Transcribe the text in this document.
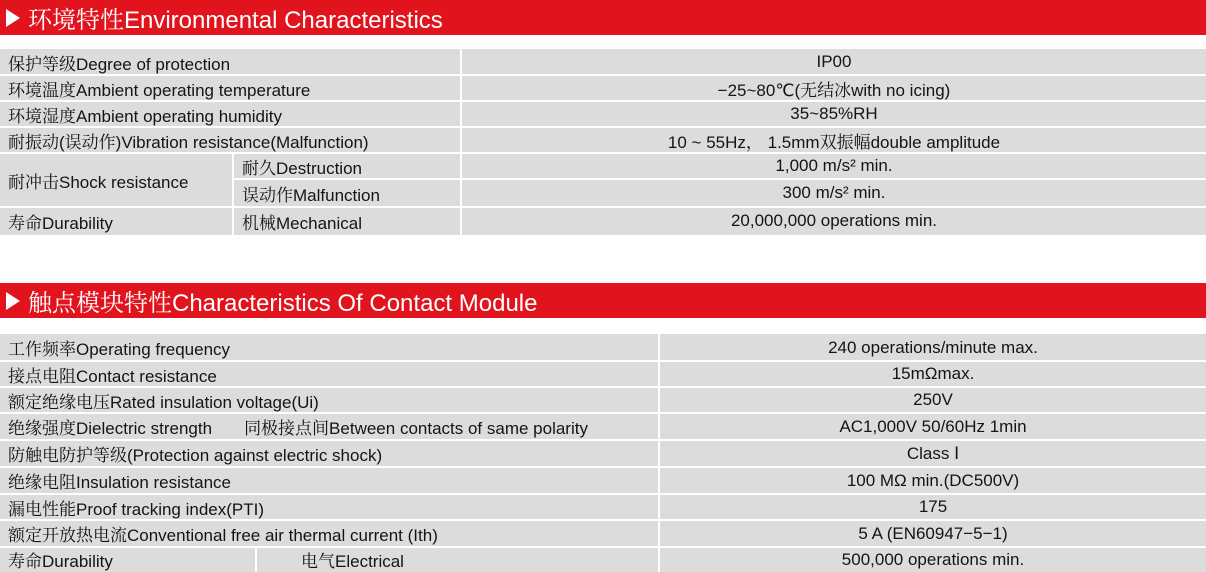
环境特性Environmental Characteristics
保护等级Degree of protection	IP00
环境温度Ambient operating temperature	−25~80℃(无结冰with no icing)
环境湿度Ambient operating humidity	35~85%RH
耐振动(误动作)Vibration resistance(Malfunction)	10 ~ 55Hz， 1.5mm双振幅double amplitude
耐冲击Shock resistance
耐久Destruction	1,000 m/s² min.
误动作Malfunction	300 m/s² min.
寿命Durability	机械Mechanical	20,000,000 operations min.
触点模块特性Characteristics Of Contact Module
工作频率Operating frequency	240 operations/minute max.
接点电阻Contact resistance	15mΩmax.
额定绝缘电压Rated insulation voltage(Ui)	250V
绝缘强度Dielectric strength 同极接点间Between contacts of same polarity	AC1,000V 50/60Hz 1min
防触电防护等级(Protection against electric shock)	Class Ⅰ
绝缘电阻Insulation resistance	100 MΩ min.(DC500V)
漏电性能Proof tracking index(PTI)	175
额定开放热电流Conventional free air thermal current (Ith)	5 A (EN60947−5−1)
寿命Durability	电气Electrical	500,000 operations min.
